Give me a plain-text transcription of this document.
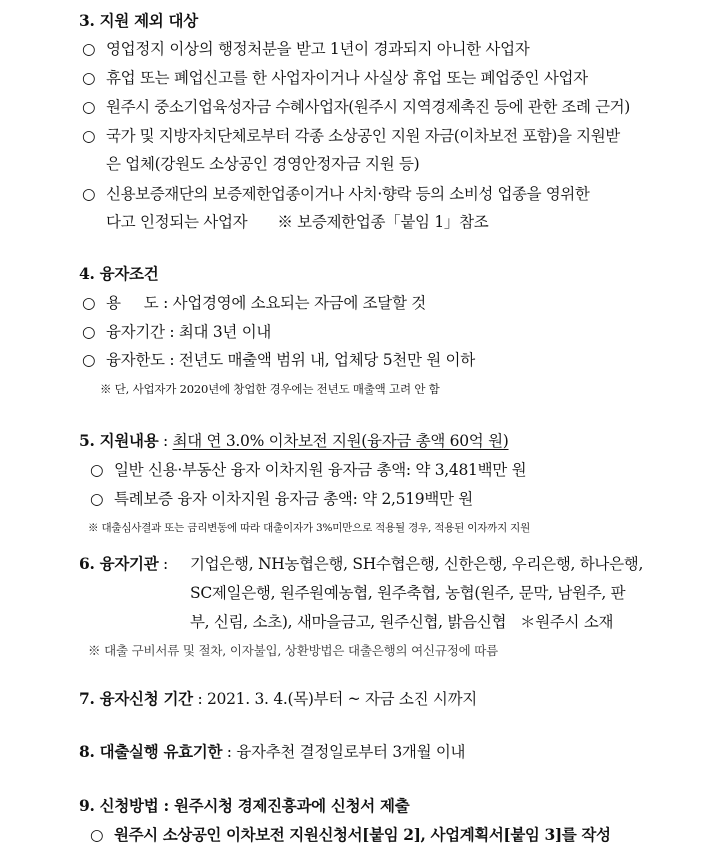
3. 지원 제외 대상
○ 영업정지 이상의 행정처분을 받고 1년이 경과되지 아니한 사업자
○ 휴업 또는 폐업신고를 한 사업자이거나 사실상 휴업 또는 폐업중인 사업자
○ 원주시 중소기업육성자금 수혜사업자(원주시 지역경제촉진 등에 관한 조례 근거)
○ 국가 및 지방자치단체로부터 각종 소상공인 지원 자금(이차보전 포함)을 지원받
은 업체(강원도 소상공인 경영안정자금 지원 등)
○ 신용보증재단의 보증제한업종이거나 사치·향락 등의 소비성 업종을 영위한
다고 인정되는 사업자 ※ 보증제한업종「붙임 1」참조
4. 융자조건
○ 용     도 : 사업경영에 소요되는 자금에 조달할 것
○ 융자기간 : 최대 3년 이내
○ 융자한도 : 전년도 매출액 범위 내, 업체당 5천만 원 이하
※ 단, 사업자가 2020년에 창업한 경우에는 전년도 매출액 고려 안 함
5. 지원내용 : 최대 연 3.0% 이차보전 지원(융자금 총액 60억 원)
○ 일반 신용·부동산 융자 이차지원 융자금 총액: 약 3,481백만 원
○ 특례보증 융자 이차지원 융자금 총액: 약 2,519백만 원
※ 대출심사결과 또는 금리변동에 따라 대출이자가 3%미만으로 적용될 경우, 적용된 이자까지 지원
6. 융자기관 : 기업은행, NH농협은행, SH수협은행, 신한은행, 우리은행, 하나은행,
SC제일은행, 원주원예농협, 원주축협, 농협(원주, 문막, 남원주, 판
부, 신림, 소초), 새마을금고, 원주신협, 밝음신협   ＊원주시 소재
※ 대출 구비서류 및 절차, 이자불입, 상환방법은 대출은행의 여신규정에 따름
7. 융자신청 기간 : 2021. 3. 4.(목)부터 ~ 자금 소진 시까지
8. 대출실행 유효기한 : 융자추천 결정일로부터 3개월 이내
9. 신청방법 : 원주시청 경제진흥과에 신청서 제출
○ 원주시 소상공인 이차보전 지원신청서[붙임 2], 사업계획서[붙임 3]를 작성
